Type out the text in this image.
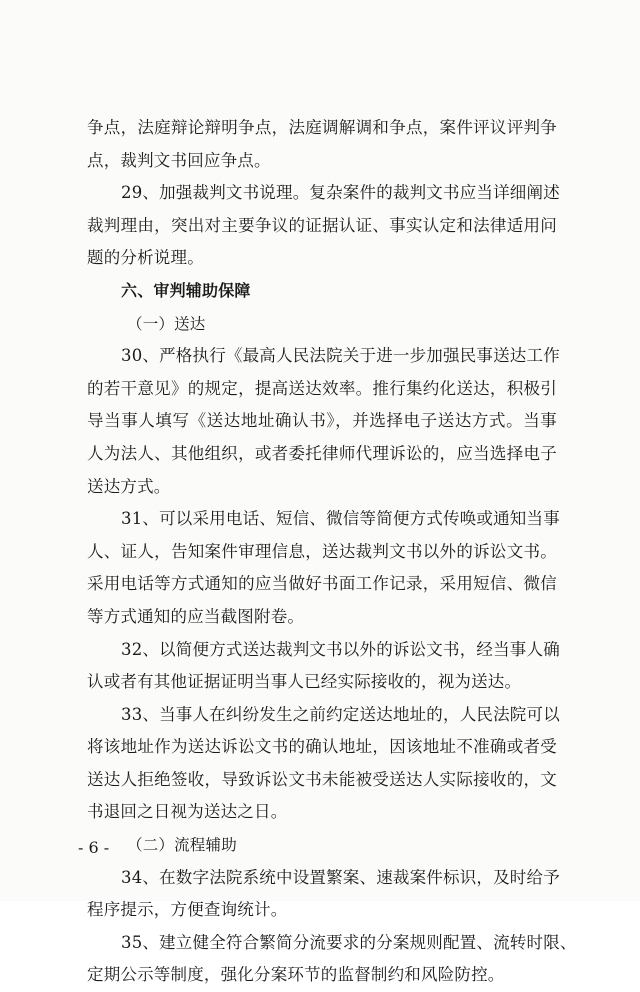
争点，法庭辩论辩明争点，法庭调解调和争点，案件评议评判争
点，裁判文书回应争点。
29、加强裁判文书说理。复杂案件的裁判文书应当详细阐述
裁判理由，突出对主要争议的证据认证、事实认定和法律适用问
题的分析说理。
六、审判辅助保障
（一）送达
30、严格执行《最高人民法院关于进一步加强民事送达工作
的若干意见》的规定，提高送达效率。推行集约化送达，积极引
导当事人填写《送达地址确认书》，并选择电子送达方式。当事
人为法人、其他组织，或者委托律师代理诉讼的，应当选择电子
送达方式。
31、可以采用电话、短信、微信等简便方式传唤或通知当事
人、证人，告知案件审理信息，送达裁判文书以外的诉讼文书。
采用电话等方式通知的应当做好书面工作记录，采用短信、微信
等方式通知的应当截图附卷。
32、以简便方式送达裁判文书以外的诉讼文书，经当事人确
认或者有其他证据证明当事人已经实际接收的，视为送达。
33、当事人在纠纷发生之前约定送达地址的，人民法院可以
将该地址作为送达诉讼文书的确认地址，因该地址不准确或者受
送达人拒绝签收，导致诉讼文书未能被受送达人实际接收的，文
书退回之日视为送达之日。
（二）流程辅助
34、在数字法院系统中设置繁案、速裁案件标识，及时给予
程序提示，方便查询统计。
35、建立健全符合繁简分流要求的分案规则配置、流转时限、
定期公示等制度，强化分案环节的监督制约和风险防控。
- 6 -
